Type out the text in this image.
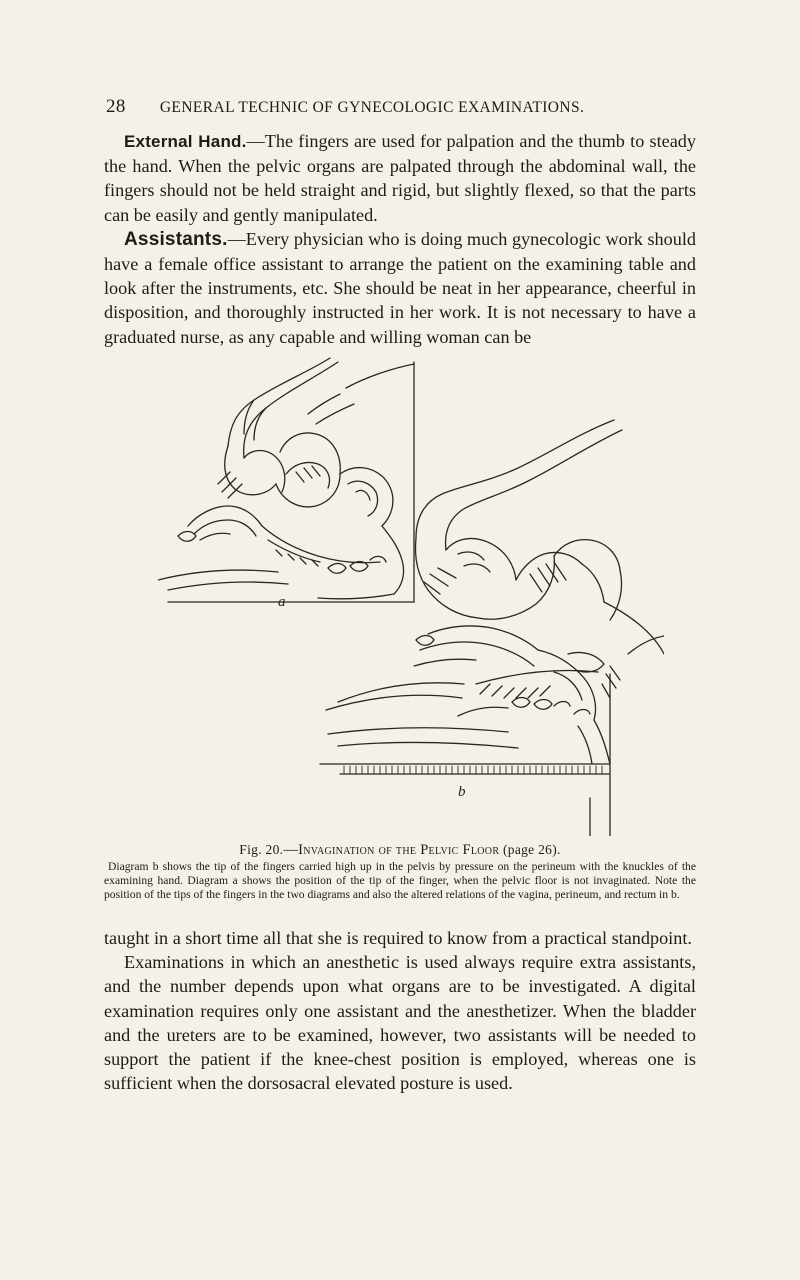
28 GENERAL TECHNIC OF GYNECOLOGIC EXAMINATIONS.

External Hand.—The fingers are used for palpation and the thumb to steady the hand. When the pelvic organs are palpated through the abdominal wall, the fingers should not be held straight and rigid, but slightly flexed, so that the parts can be easily and gently manipulated.

Assistants.—Every physician who is doing much gynecologic work should have a female office assistant to arrange the patient on the examining table and look after the instruments, etc. She should be neat in her appearance, cheerful in disposition, and thoroughly instructed in her work. It is not necessary to have a graduated nurse, as any capable and willing woman can be

a
b

Fig. 20.—Invagination of the Pelvic Floor (page 26).

Diagram b shows the tip of the fingers carried high up in the pelvis by pressure on the perineum with the knuckles of the examining hand. Diagram a shows the position of the tip of the finger, when the pelvic floor is not invaginated. Note the position of the tips of the fingers in the two diagrams and also the altered relations of the vagina, perineum, and rectum in b.

taught in a short time all that she is required to know from a practical standpoint.

Examinations in which an anesthetic is used always require extra assistants, and the number depends upon what organs are to be investigated. A digital examination requires only one assistant and the anesthetizer. When the bladder and the ureters are to be examined, however, two assistants will be needed to support the patient if the knee-chest position is employed, whereas one is sufficient when the dorsosacral elevated posture is used.
